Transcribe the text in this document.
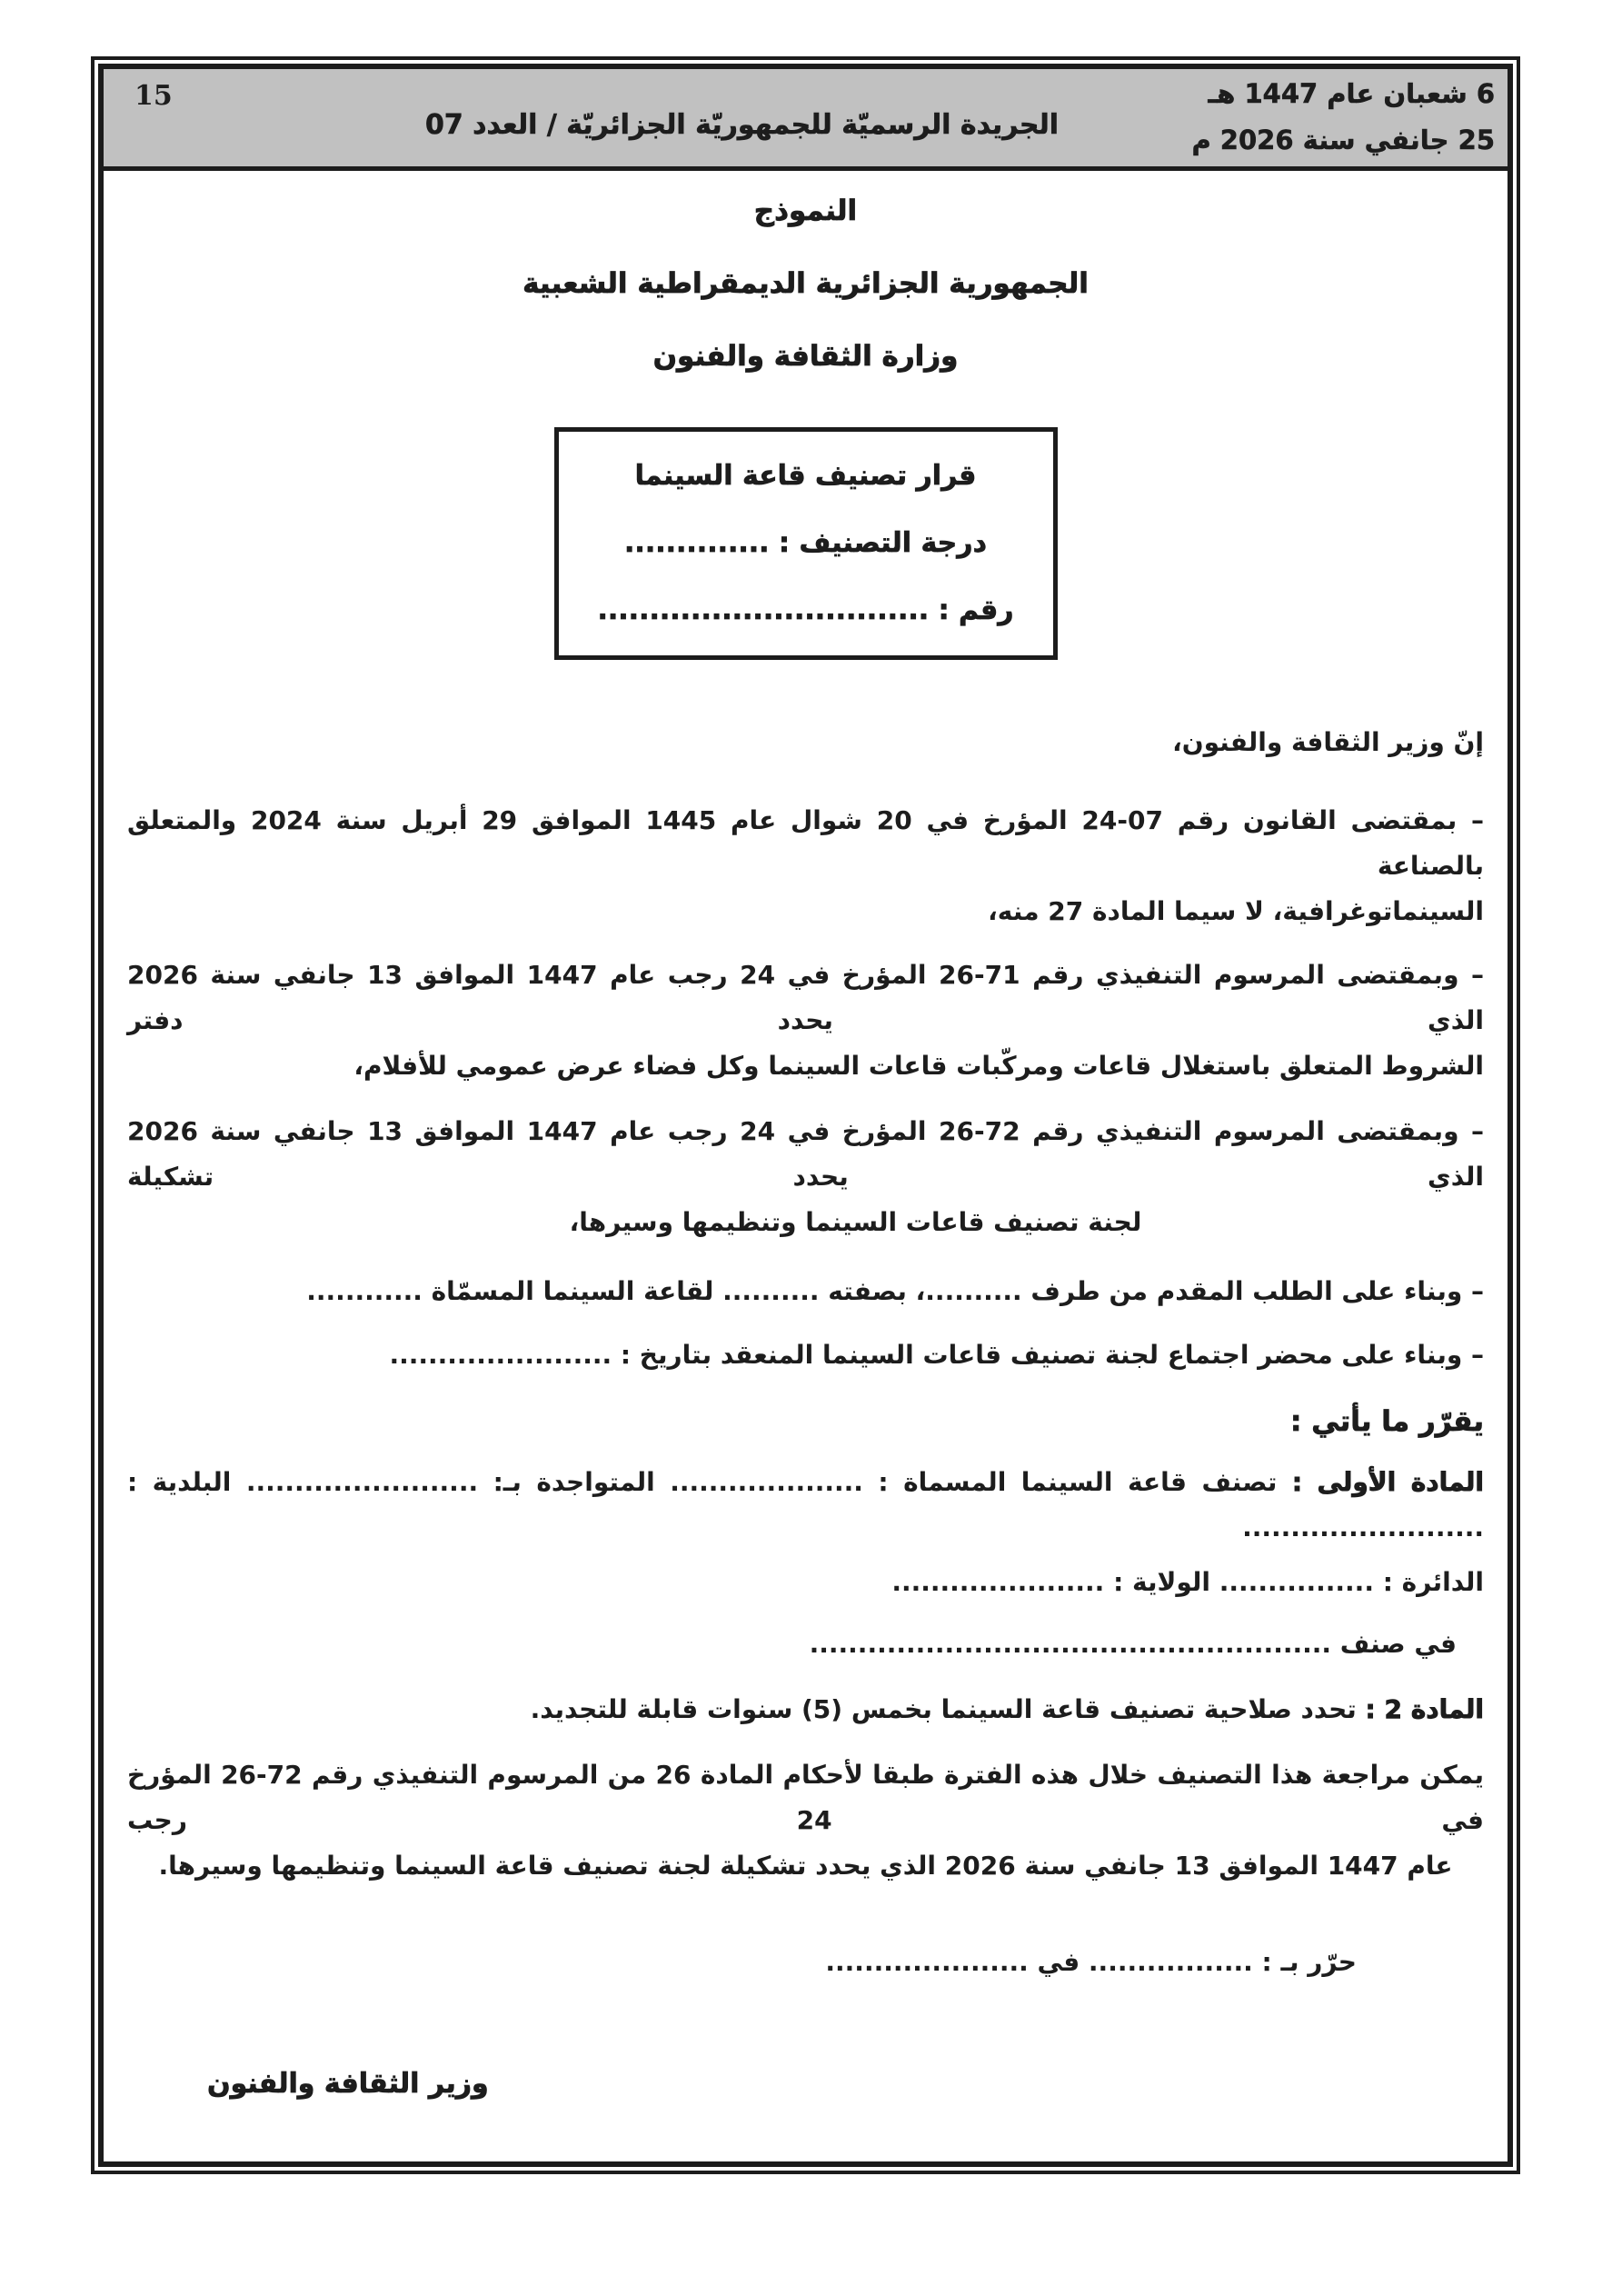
15
الجريدة الرسميّة للجمهوريّة الجزائريّة / العدد 07
6 شعبان عام 1447 هـ
25 جانفي سنة 2026 م
النموذج
الجمهورية الجزائرية الديمقراطية الشعبية
وزارة الثقافة والفنون
قرار تصنيف قاعة السينما
درجة التصنيف : ..............
رقم : ................................
إنّ وزير الثقافة والفنون،
– بمقتضى القانون رقم 07-24 المؤرخ في 20 شوال عام 1445 الموافق 29 أبريل سنة 2024 والمتعلق بالصناعة
السينماتوغرافية، لا سيما المادة 27 منه،
– وبمقتضى المرسوم التنفيذي رقم 71-26 المؤرخ في 24 رجب عام 1447 الموافق 13 جانفي سنة 2026 الذي يحدد دفتر
الشروط المتعلق باستغلال قاعات ومركّبات قاعات السينما وكل فضاء عرض عمومي للأفلام،
– وبمقتضى المرسوم التنفيذي رقم 72-26 المؤرخ في 24 رجب عام 1447 الموافق 13 جانفي سنة 2026 الذي يحدد تشكيلة
لجنة تصنيف قاعات السينما وتنظيمها وسيرها،
– وبناء على الطلب المقدم من طرف ..........، بصفته .......... لقاعة السينما المسمّاة ............
– وبناء على محضر اجتماع لجنة تصنيف قاعات السينما المنعقد بتاريخ : .......................
يقرّر ما يأتي :
المادة الأولى : تصنف قاعة السينما المسماة : .................... المتواجدة بـ: ........................ البلدية : .........................
الدائرة : ................ الولاية : ......................
في صنف ......................................................
المادة 2 : تحدد صلاحية تصنيف قاعة السينما بخمس (5) سنوات قابلة للتجديد.
يمكن مراجعة هذا التصنيف خلال هذه الفترة طبقا لأحكام المادة 26 من المرسوم التنفيذي رقم 72-26 المؤرخ في 24 رجب
عام 1447 الموافق 13 جانفي سنة 2026 الذي يحدد تشكيلة لجنة تصنيف قاعة السينما وتنظيمها وسيرها.
حرّر بـ : ................. في .....................
وزير الثقافة والفنون
